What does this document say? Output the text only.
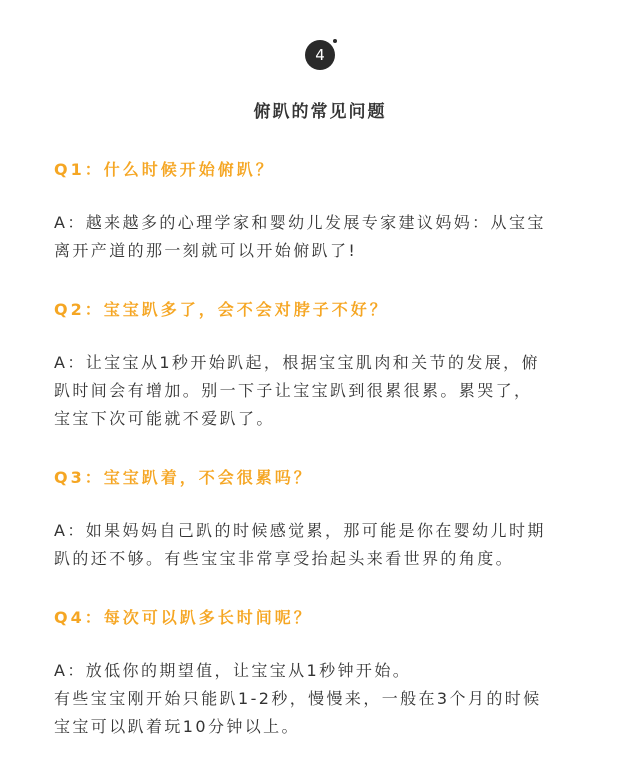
4
俯趴的常见问题
Q1：什么时候开始俯趴？
A：越来越多的心理学家和婴幼儿发展专家建议妈妈：从宝宝
离开产道的那一刻就可以开始俯趴了!
Q2：宝宝趴多了，会不会对脖子不好？
A：让宝宝从1秒开始趴起，根据宝宝肌肉和关节的发展，俯
趴时间会有增加。别一下子让宝宝趴到很累很累。累哭了，
宝宝下次可能就不爱趴了。
Q3：宝宝趴着，不会很累吗？
A：如果妈妈自己趴的时候感觉累，那可能是你在婴幼儿时期
趴的还不够。有些宝宝非常享受抬起头来看世界的角度。
Q4：每次可以趴多长时间呢？
A：放低你的期望值，让宝宝从1秒钟开始。
有些宝宝刚开始只能趴1-2秒，慢慢来，一般在3个月的时候
宝宝可以趴着玩10分钟以上。
